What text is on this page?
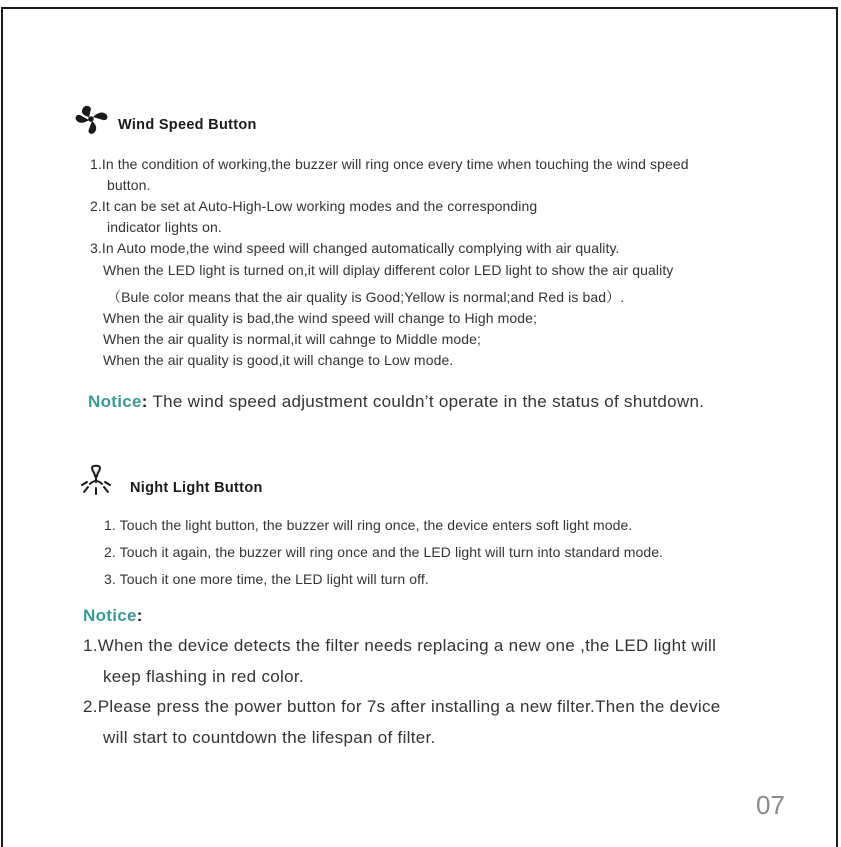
Wind Speed Button
1.In the condition of working,the buzzer will ring once every time when touching the wind speed
button.
2.It can be set at Auto-High-Low working modes and the corresponding
indicator lights on.
3.In Auto mode,the wind speed will changed automatically complying with air quality.
When the LED light is turned on,it will diplay different color LED light to show the air quality
（Bule color means that the air quality is Good;Yellow is normal;and Red is bad）.
When the air quality is bad,the wind speed will change to High mode;
When the air quality is normal,it will cahnge to Middle mode;
When the air quality is good,it will change to Low mode.
Notice: The wind speed adjustment couldn’t operate in the status of shutdown.
Night Light Button
1. Touch the light button, the buzzer will ring once, the device enters soft light mode.
2. Touch it again, the buzzer will ring once and the LED light will turn into standard mode.
3. Touch it one more time, the LED light will turn off.
Notice:
1.When the device detects the filter needs replacing a new one ,the LED light will
keep flashing in red color.
2.Please press the power button for 7s after installing a new filter.Then the device
will start to countdown the lifespan of filter.
07
